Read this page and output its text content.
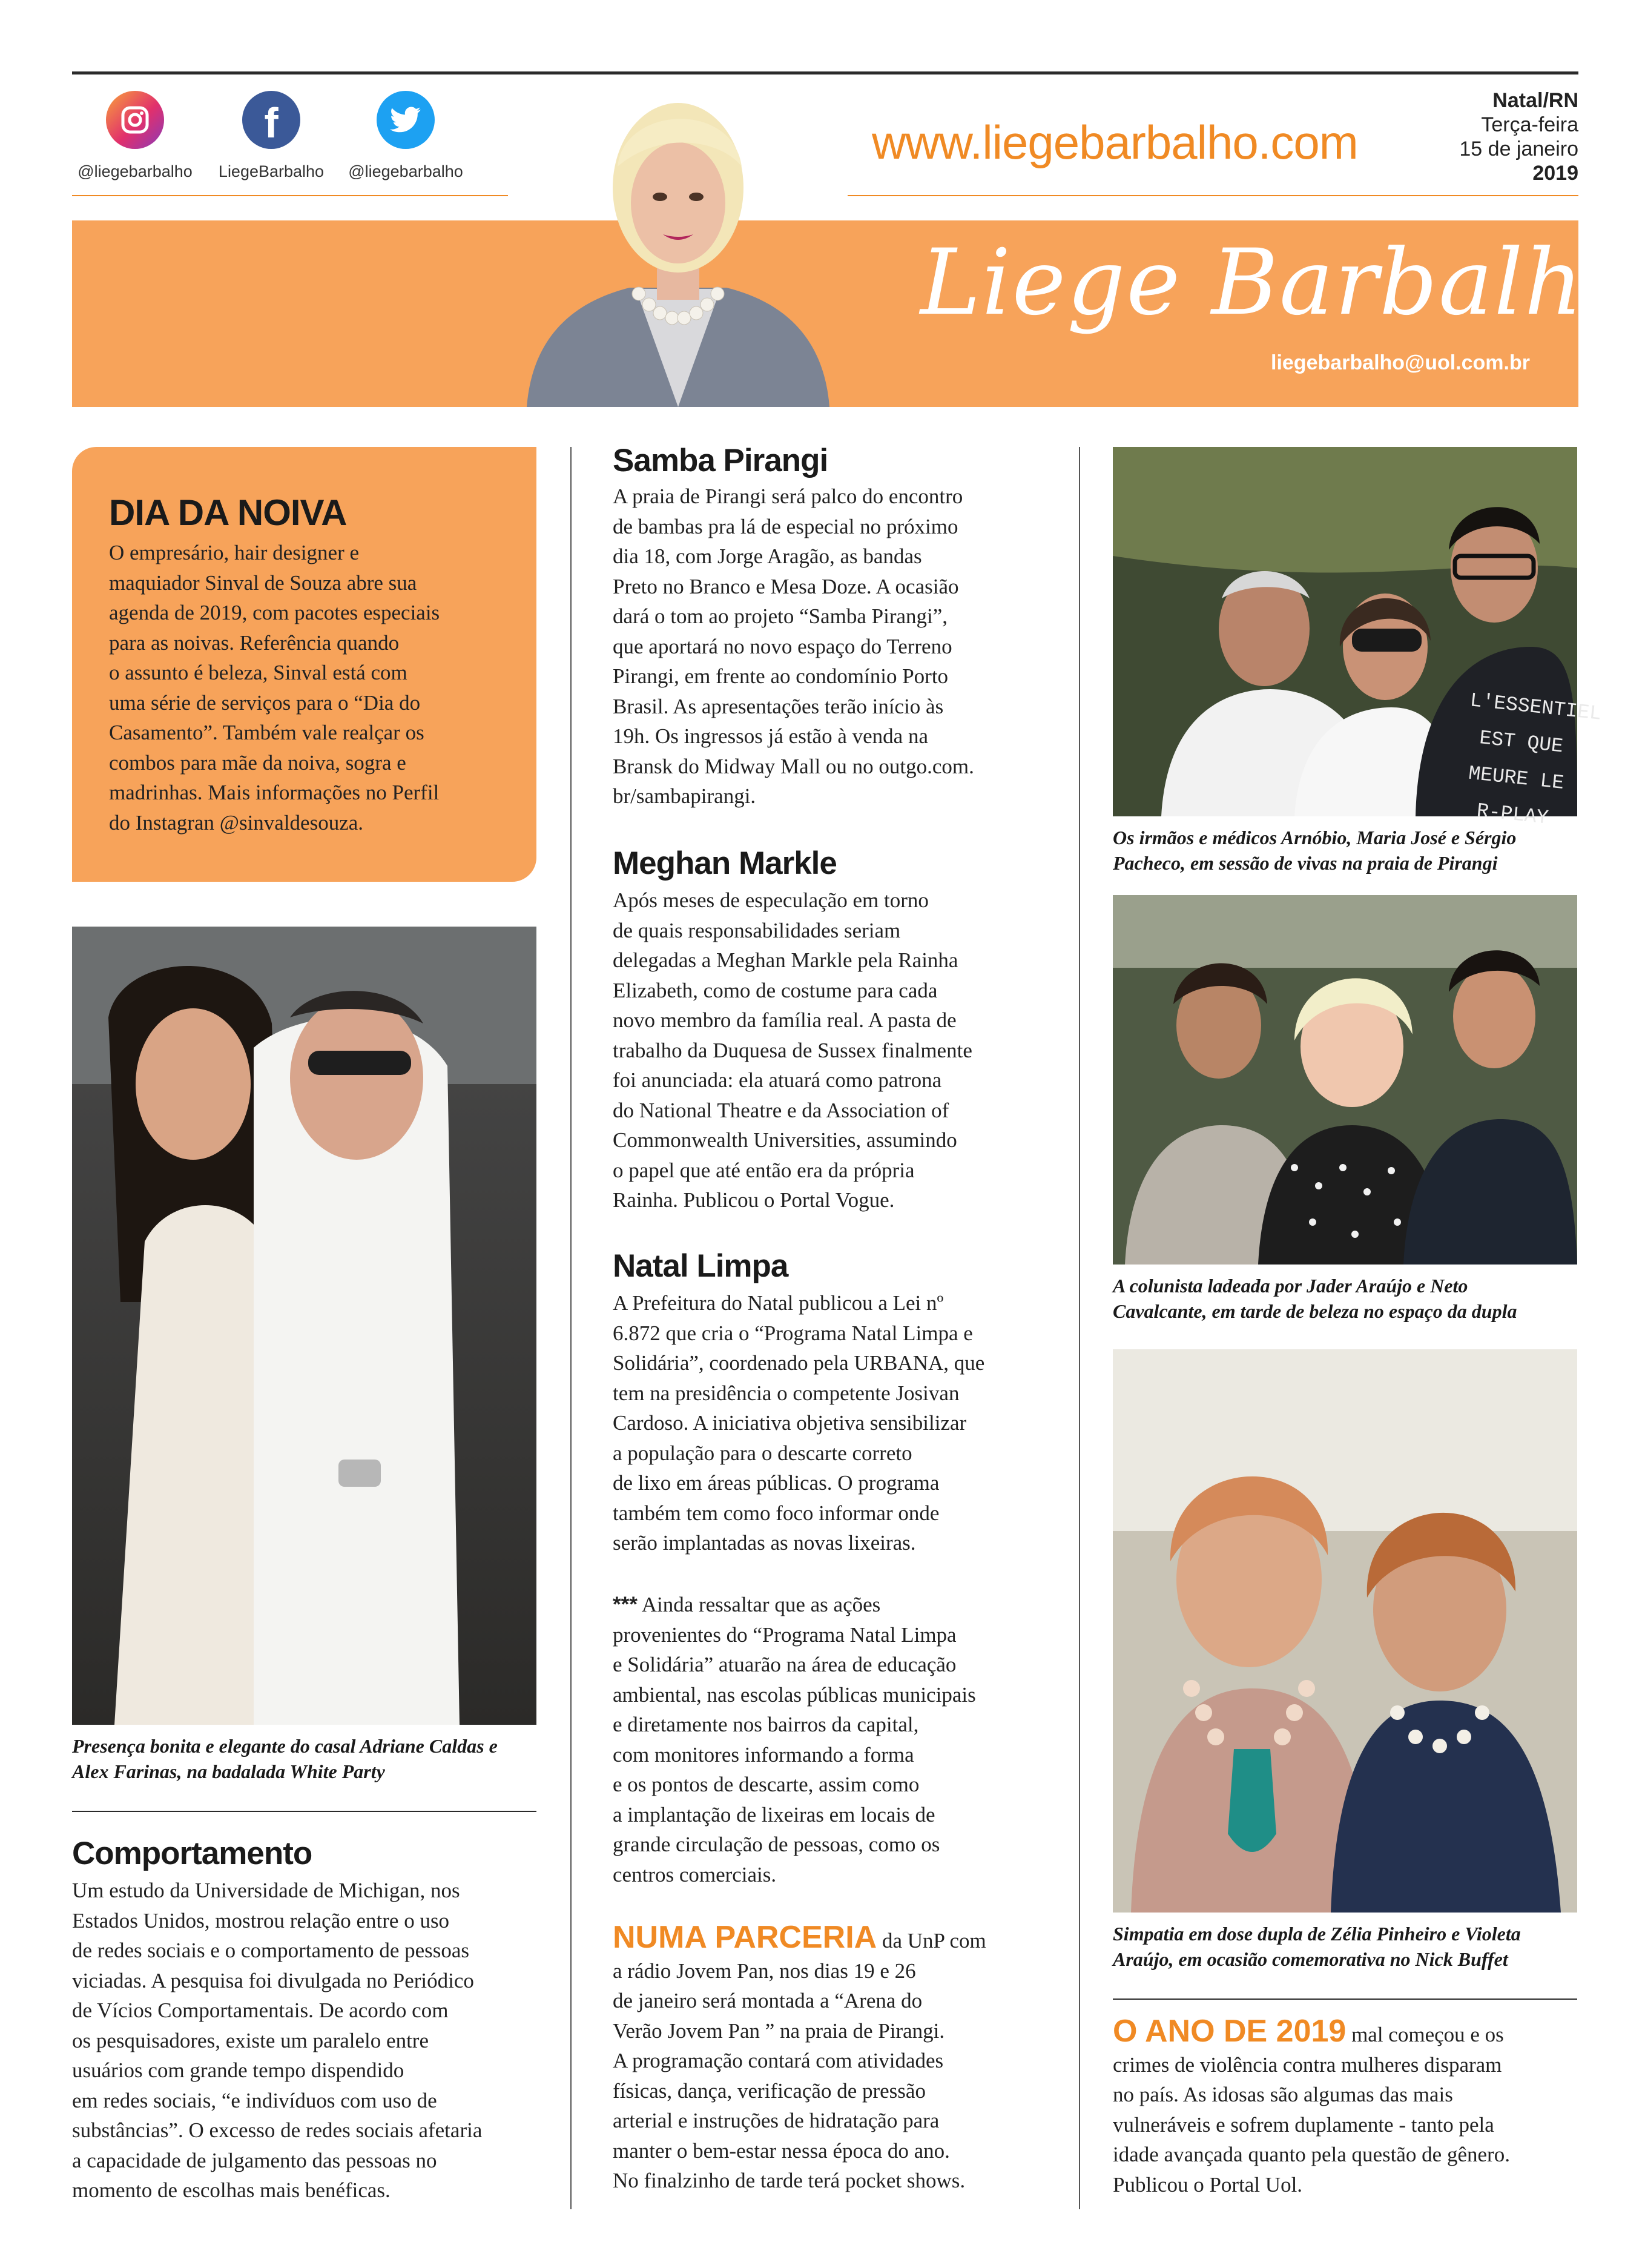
@liegebarbalho
f
LiegeBarbalho	@liegebarbalho
www.liegebarbalho.com
Natal/RN
Terça-feira
15 de janeiro
2019
Liege Barbalho
liegebarbalho@uol.com.br
DIA DA NOIVA
O empresário, hair designer e
maquiador Sinval de Souza abre sua
agenda de 2019, com pacotes especiais
para as noivas. Referência quando
o assunto é beleza, Sinval está com
uma série de serviços para o “Dia do
Casamento”. Também vale realçar os
combos para mãe da noiva, sogra e
madrinhas. Mais informações no Perfil
do Instagran @sinvaldesouza.
Presença bonita e elegante do casal Adriane Caldas e
Alex Farinas, na badalada White Party
Comportamento
Um estudo da Universidade de Michigan, nos
Estados Unidos, mostrou relação entre o uso
de redes sociais e o comportamento de pessoas
viciadas. A pesquisa foi divulgada no Periódico
de Vícios Comportamentais. De acordo com
os pesquisadores, existe um paralelo entre
usuários com grande tempo dispendido
em redes sociais, “e indivíduos com uso de
substâncias”. O excesso de redes sociais afetaria
a capacidade de julgamento das pessoas no
momento de escolhas mais benéficas.
Samba Pirangi
A praia de Pirangi será palco do encontro
de bambas pra lá de especial no próximo
dia 18, com Jorge Aragão, as bandas
Preto no Branco e Mesa Doze. A ocasião
dará o tom ao projeto “Samba Pirangi”,
que aportará no novo espaço do Terreno
Pirangi, em frente ao condomínio Porto
Brasil. As apresentações terão início às
19h. Os ingressos já estão à venda na
Bransk do Midway Mall ou no outgo.com.
br/sambapirangi.
Meghan Markle
Após meses de especulação em torno
de quais responsabilidades seriam
delegadas a Meghan Markle pela Rainha
Elizabeth, como de costume para cada
novo membro da família real. A pasta de
trabalho da Duquesa de Sussex finalmente
foi anunciada: ela atuará como patrona
do National Theatre e da Association of
Commonwealth Universities, assumindo
o papel que até então era da própria
Rainha. Publicou o Portal Vogue.
Natal Limpa
A Prefeitura do Natal publicou a Lei nº
6.872 que cria o “Programa Natal Limpa e
Solidária”, coordenado pela URBANA, que
tem na presidência o competente Josivan
Cardoso. A iniciativa objetiva sensibilizar
a população para o descarte correto
de lixo em áreas públicas. O programa
também tem como foco informar onde
serão implantadas as novas lixeiras.
*** Ainda ressaltar que as ações
provenientes do “Programa Natal Limpa
e Solidária” atuarão na área de educação
ambiental, nas escolas públicas municipais
e diretamente nos bairros da capital,
com monitores informando a forma
e os pontos de descarte, assim como
a implantação de lixeiras em locais de
grande circulação de pessoas, como os
centros comerciais.
NUMA PARCERIA da UnP com
a rádio Jovem Pan, nos dias 19 e 26
de janeiro será montada a “Arena do
Verão Jovem Pan ” na praia de Pirangi.
A programação contará com atividades
físicas, dança, verificação de pressão
arterial e instruções de hidratação para
manter o bem-estar nessa época do ano.
No finalzinho de tarde terá pocket shows.
L'ESSENTIEL
EST QUE
MEURE LE
R-PLAY
Os irmãos e médicos Arnóbio, Maria José e Sérgio
Pacheco, em sessão de vivas na praia de Pirangi
A colunista ladeada por Jader Araújo e Neto
Cavalcante, em tarde de beleza no espaço da dupla
Simpatia em dose dupla de Zélia Pinheiro e Violeta
Araújo, em ocasião comemorativa no Nick Buffet
O ANO DE 2019 mal começou e os
crimes de violência contra mulheres disparam
no país. As idosas são algumas das mais
vulneráveis e sofrem duplamente - tanto pela
idade avançada quanto pela questão de gênero.
Publicou o Portal Uol.
